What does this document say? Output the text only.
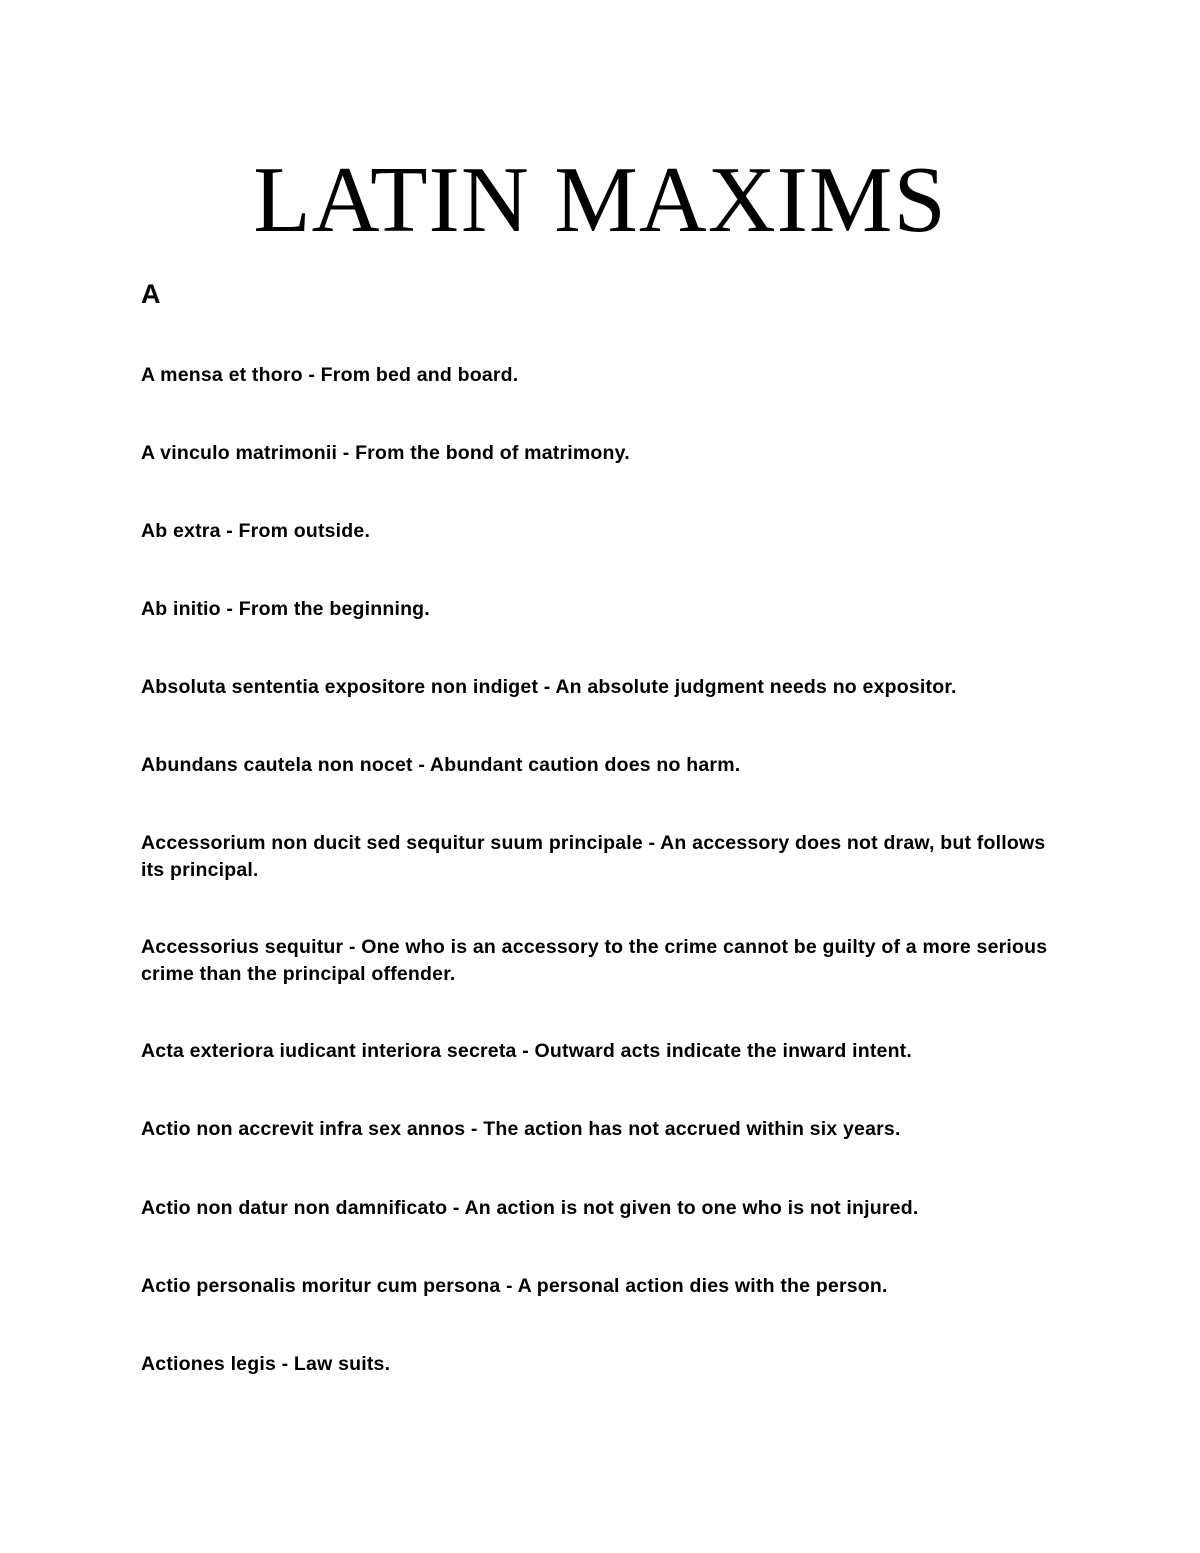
LATIN MAXIMS
A

A mensa et thoro - From bed and board.

A vinculo matrimonii - From the bond of matrimony.

Ab extra - From outside.

Ab initio - From the beginning.

Absoluta sententia expositore non indiget - An absolute judgment needs no expositor.

Abundans cautela non nocet - Abundant caution does no harm.

Accessorium non ducit sed sequitur suum principale - An accessory does not draw, but follows its principal.

Accessorius sequitur - One who is an accessory to the crime cannot be guilty of a more serious crime than the principal offender.

Acta exteriora iudicant interiora secreta - Outward acts indicate the inward intent.

Actio non accrevit infra sex annos - The action has not accrued within six years.

Actio non datur non damnificato - An action is not given to one who is not injured.

Actio personalis moritur cum persona - A personal action dies with the person.

Actiones legis - Law suits.
